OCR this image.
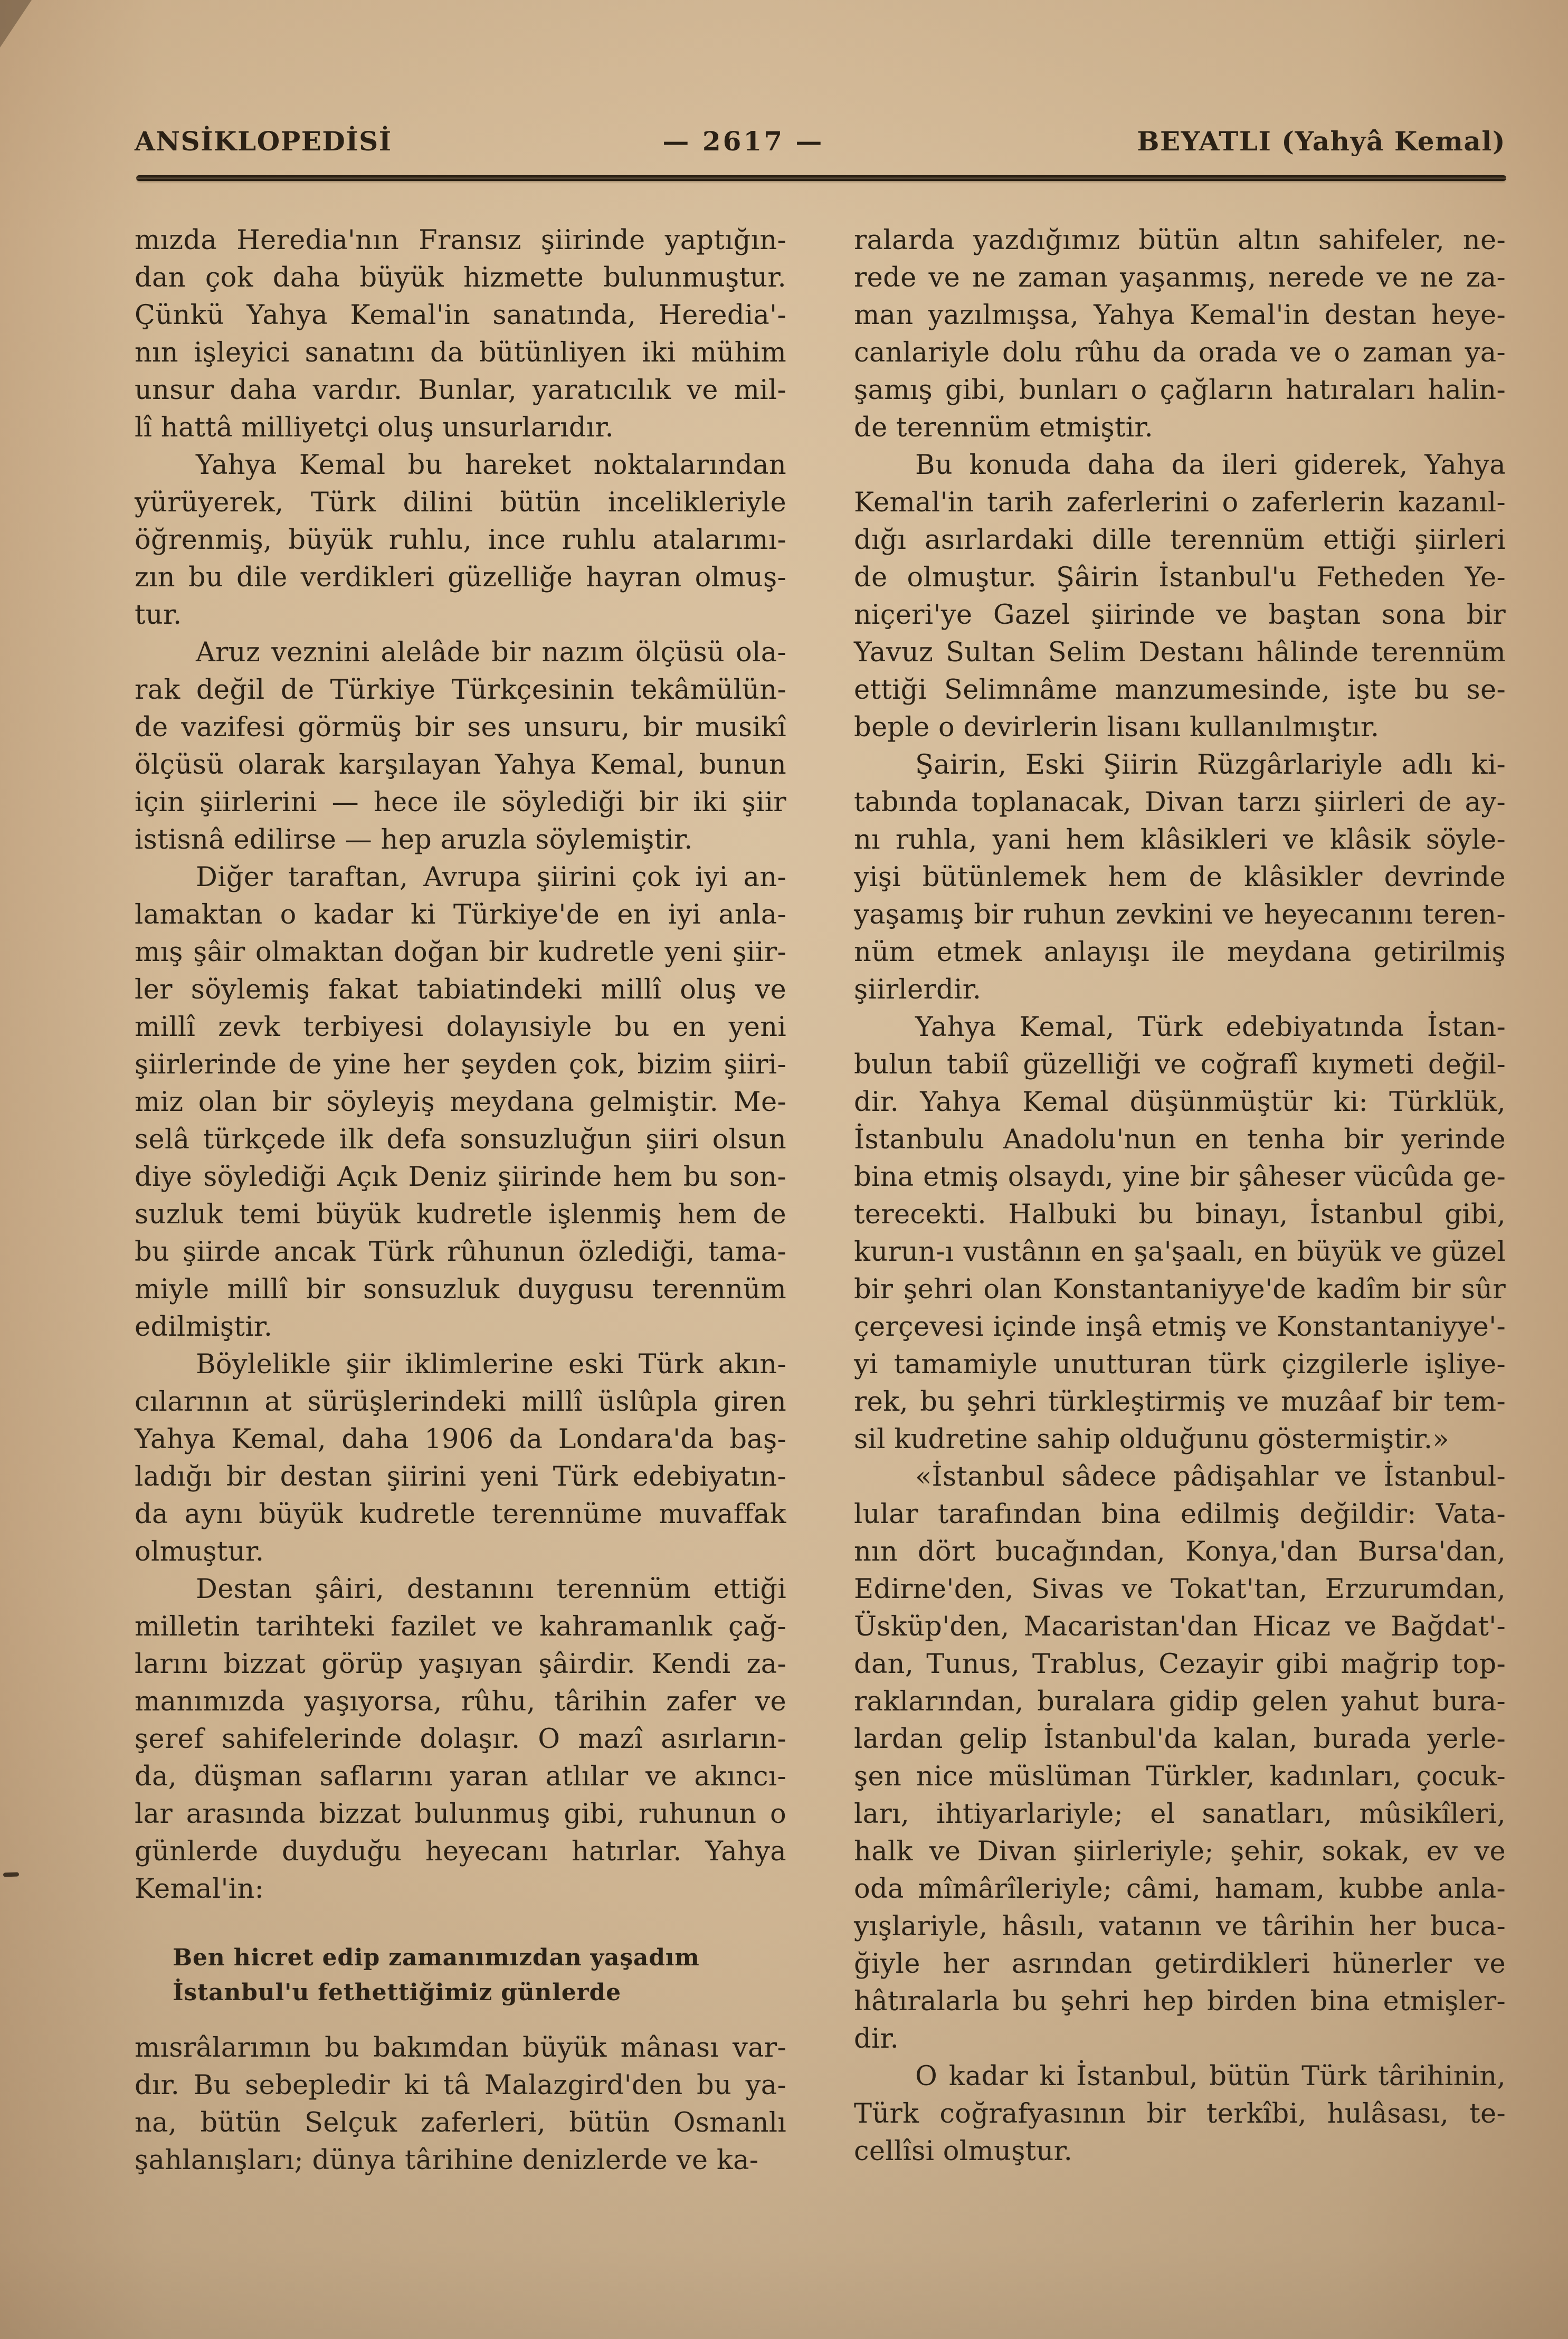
ANSİKLOPEDİSİ	— 2617 —	BEYATLI (Yahyâ Kemal)
mızda Heredia'nın Fransız şiirinde yaptığın-
dan çok daha büyük hizmette bulunmuştur.
Çünkü Yahya Kemal'in sanatında, Heredia'-
nın işleyici sanatını da bütünliyen iki mühim
unsur daha vardır. Bunlar, yaratıcılık ve mil-
lî hattâ milliyetçi oluş unsurlarıdır.
Yahya Kemal bu hareket noktalarından
yürüyerek, Türk dilini bütün incelikleriyle
öğrenmiş, büyük ruhlu, ince ruhlu atalarımı-
zın bu dile verdikleri güzelliğe hayran olmuş-
tur.
Aruz veznini alelâde bir nazım ölçüsü ola-
rak değil de Türkiye Türkçesinin tekâmülün-
de vazifesi görmüş bir ses unsuru, bir musikî
ölçüsü olarak karşılayan Yahya Kemal, bunun
için şiirlerini — hece ile söylediği bir iki şiir
istisnâ edilirse — hep aruzla söylemiştir.
Diğer taraftan, Avrupa şiirini çok iyi an-
lamaktan o kadar ki Türkiye'de en iyi anla-
mış şâir olmaktan doğan bir kudretle yeni şiir-
ler söylemiş fakat tabiatindeki millî oluş ve
millî zevk terbiyesi dolayısiyle bu en yeni
şiirlerinde de yine her şeyden çok, bizim şiiri-
miz olan bir söyleyiş meydana gelmiştir. Me-
selâ türkçede ilk defa sonsuzluğun şiiri olsun
diye söylediği Açık Deniz şiirinde hem bu son-
suzluk temi büyük kudretle işlenmiş hem de
bu şiirde ancak Türk rûhunun özlediği, tama-
miyle millî bir sonsuzluk duygusu terennüm
edilmiştir.
Böylelikle şiir iklimlerine eski Türk akın-
cılarının at sürüşlerindeki millî üslûpla giren
Yahya Kemal, daha 1906 da Londara'da baş-
ladığı bir destan şiirini yeni Türk edebiyatın-
da aynı büyük kudretle terennüme muvaffak
olmuştur.
Destan şâiri, destanını terennüm ettiği
milletin tarihteki fazilet ve kahramanlık çağ-
larını bizzat görüp yaşıyan şâirdir. Kendi za-
manımızda yaşıyorsa, rûhu, târihin zafer ve
şeref sahifelerinde dolaşır. O mazî asırların-
da, düşman saflarını yaran atlılar ve akıncı-
lar arasında bizzat bulunmuş gibi, ruhunun o
günlerde duyduğu heyecanı hatırlar. Yahya
Kemal'in:
Ben hicret edip zamanımızdan yaşadım
İstanbul'u fethettiğimiz günlerde
mısrâlarımın bu bakımdan büyük mânası var-
dır. Bu sebepledir ki tâ Malazgird'den bu ya-
na, bütün Selçuk zaferleri, bütün Osmanlı
şahlanışları; dünya târihine denizlerde ve ka-
ralarda yazdığımız bütün altın sahifeler, ne-
rede ve ne zaman yaşanmış, nerede ve ne za-
man yazılmışsa, Yahya Kemal'in destan heye-
canlariyle dolu rûhu da orada ve o zaman ya-
şamış gibi, bunları o çağların hatıraları halin-
de terennüm etmiştir.
Bu konuda daha da ileri giderek, Yahya
Kemal'in tarih zaferlerini o zaferlerin kazanıl-
dığı asırlardaki dille terennüm ettiği şiirleri
de olmuştur. Şâirin İstanbul'u Fetheden Ye-
niçeri'ye Gazel şiirinde ve baştan sona bir
Yavuz Sultan Selim Destanı hâlinde terennüm
ettiği Selimnâme manzumesinde, işte bu se-
beple o devirlerin lisanı kullanılmıştır.
Şairin, Eski Şiirin Rüzgârlariyle adlı ki-
tabında toplanacak, Divan tarzı şiirleri de ay-
nı ruhla, yani hem klâsikleri ve klâsik söyle-
yişi bütünlemek hem de klâsikler devrinde
yaşamış bir ruhun zevkini ve heyecanını teren-
nüm etmek anlayışı ile meydana getirilmiş
şiirlerdir.
Yahya Kemal, Türk edebiyatında İstan-
bulun tabiî güzelliği ve coğrafî kıymeti değil-
dir. Yahya Kemal düşünmüştür ki: Türklük,
İstanbulu Anadolu'nun en tenha bir yerinde
bina etmiş olsaydı, yine bir şâheser vücûda ge-
terecekti. Halbuki bu binayı, İstanbul gibi,
kurun-ı vustânın en şa'şaalı, en büyük ve güzel
bir şehri olan Konstantaniyye'de kadîm bir sûr
çerçevesi içinde inşâ etmiş ve Konstantaniyye'-
yi tamamiyle unutturan türk çizgilerle işliye-
rek, bu şehri türkleştirmiş ve muzâaf bir tem-
sil kudretine sahip olduğunu göstermiştir.»
«İstanbul sâdece pâdişahlar ve İstanbul-
lular tarafından bina edilmiş değildir: Vata-
nın dört bucağından, Konya,'dan Bursa'dan,
Edirne'den, Sivas ve Tokat'tan, Erzurumdan,
Üsküp'den, Macaristan'dan Hicaz ve Bağdat'-
dan, Tunus, Trablus, Cezayir gibi mağrip top-
raklarından, buralara gidip gelen yahut bura-
lardan gelip İstanbul'da kalan, burada yerle-
şen nice müslüman Türkler, kadınları, çocuk-
ları, ihtiyarlariyle; el sanatları, mûsikîleri,
halk ve Divan şiirleriyle; şehir, sokak, ev ve
oda mîmârîleriyle; câmi, hamam, kubbe anla-
yışlariyle, hâsılı, vatanın ve târihin her buca-
ğiyle her asrından getirdikleri hünerler ve
hâtıralarla bu şehri hep birden bina etmişler-
dir.
O kadar ki İstanbul, bütün Türk târihinin,
Türk coğrafyasının bir terkîbi, hulâsası, te-
cellîsi olmuştur.
